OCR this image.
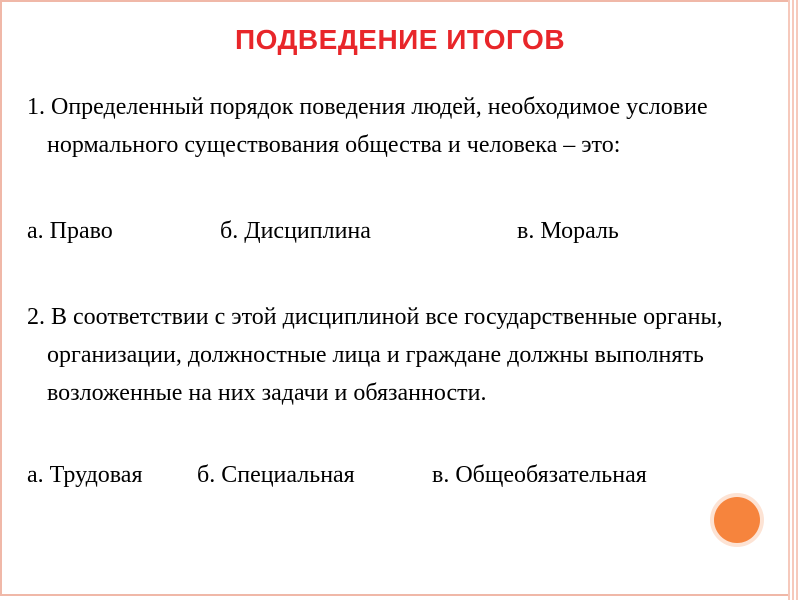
ПОДВЕДЕНИЕ ИТОГОВ
1. Определенный порядок поведения людей, необходимое условие нормального существования общества и человека – это:
а. Право	б. Дисциплина	в. Мораль
2. В соответствии с этой дисциплиной все государственные органы, организации, должностные лица и граждане должны выполнять возложенные на них задачи и обязанности.
а. Трудовая б. Специальная	в. Общеобязательная
